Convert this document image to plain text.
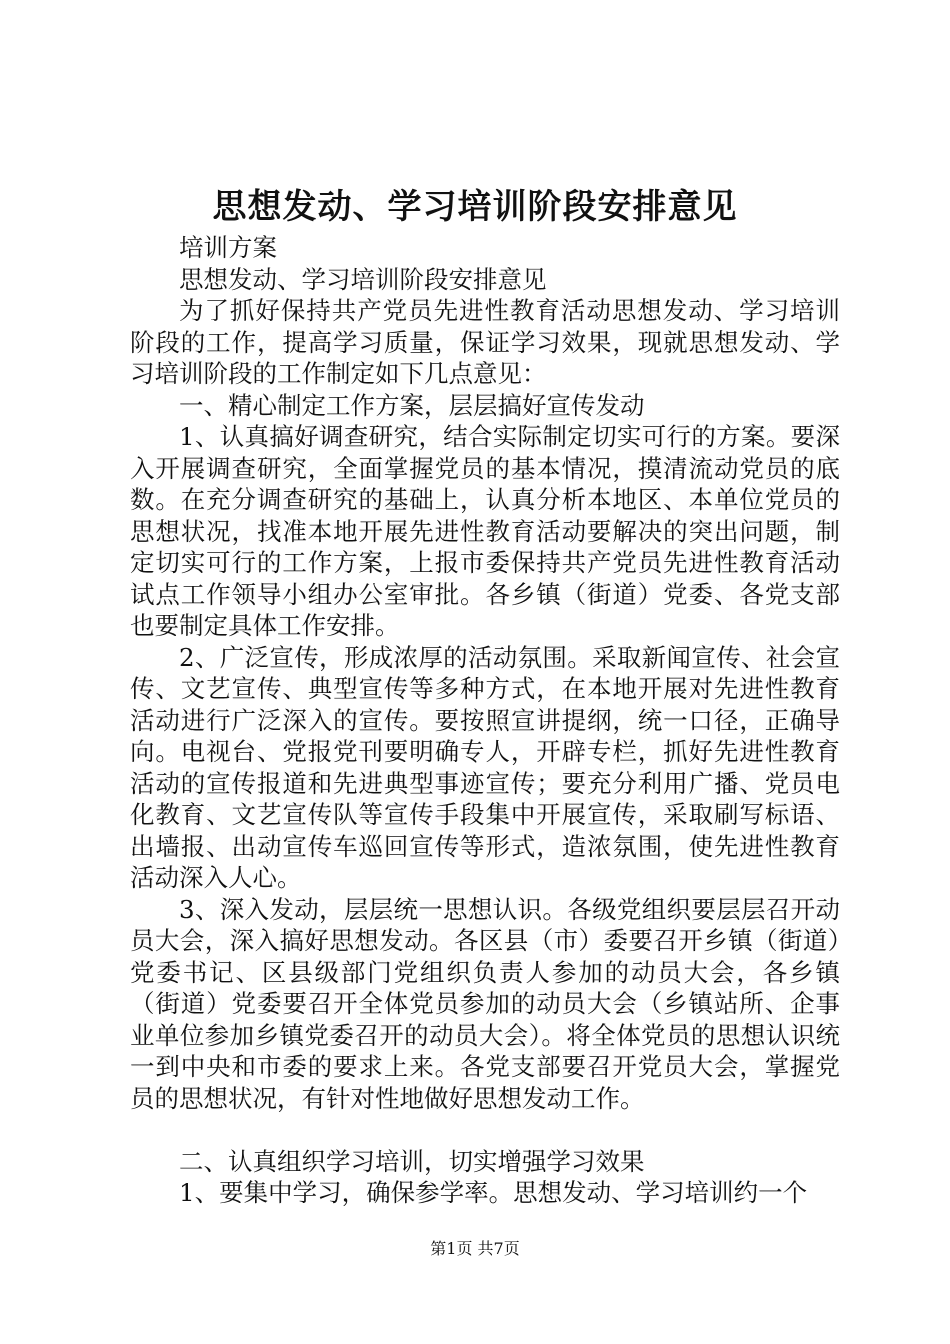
思想发动、学习培训阶段安排意见

培训方案

思想发动、学习培训阶段安排意见

为了抓好保持共产党员先进性教育活动思想发动、学习培训阶段的工作，提高学习质量，保证学习效果，现就思想发动、学习培训阶段的工作制定如下几点意见：

一、精心制定工作方案，层层搞好宣传发动

1、认真搞好调查研究，结合实际制定切实可行的方案。要深入开展调查研究，全面掌握党员的基本情况，摸清流动党员的底数。在充分调查研究的基础上，认真分析本地区、本单位党员的思想状况，找准本地开展先进性教育活动要解决的突出问题，制定切实可行的工作方案，上报市委保持共产党员先进性教育活动试点工作领导小组办公室审批。各乡镇（街道）党委、各党支部也要制定具体工作安排。

2、广泛宣传，形成浓厚的活动氛围。采取新闻宣传、社会宣传、文艺宣传、典型宣传等多种方式，在本地开展对先进性教育活动进行广泛深入的宣传。要按照宣讲提纲，统一口径，正确导向。电视台、党报党刊要明确专人，开辟专栏，抓好先进性教育活动的宣传报道和先进典型事迹宣传；要充分利用广播、党员电化教育、文艺宣传队等宣传手段集中开展宣传，采取刷写标语、出墙报、出动宣传车巡回宣传等形式，造浓氛围，使先进性教育活动深入人心。

3、深入发动，层层统一思想认识。各级党组织要层层召开动员大会，深入搞好思想发动。各区县（市）委要召开乡镇（街道）党委书记、区县级部门党组织负责人参加的动员大会，各乡镇（街道）党委要召开全体党员参加的动员大会（乡镇站所、企事业单位参加乡镇党委召开的动员大会）。将全体党员的思想认识统一到中央和市委的要求上来。各党支部要召开党员大会，掌握党员的思想状况，有针对性地做好思想发动工作。

二、认真组织学习培训，切实增强学习效果

1、要集中学习，确保参学率。思想发动、学习培训约一个

第1页 共7页
